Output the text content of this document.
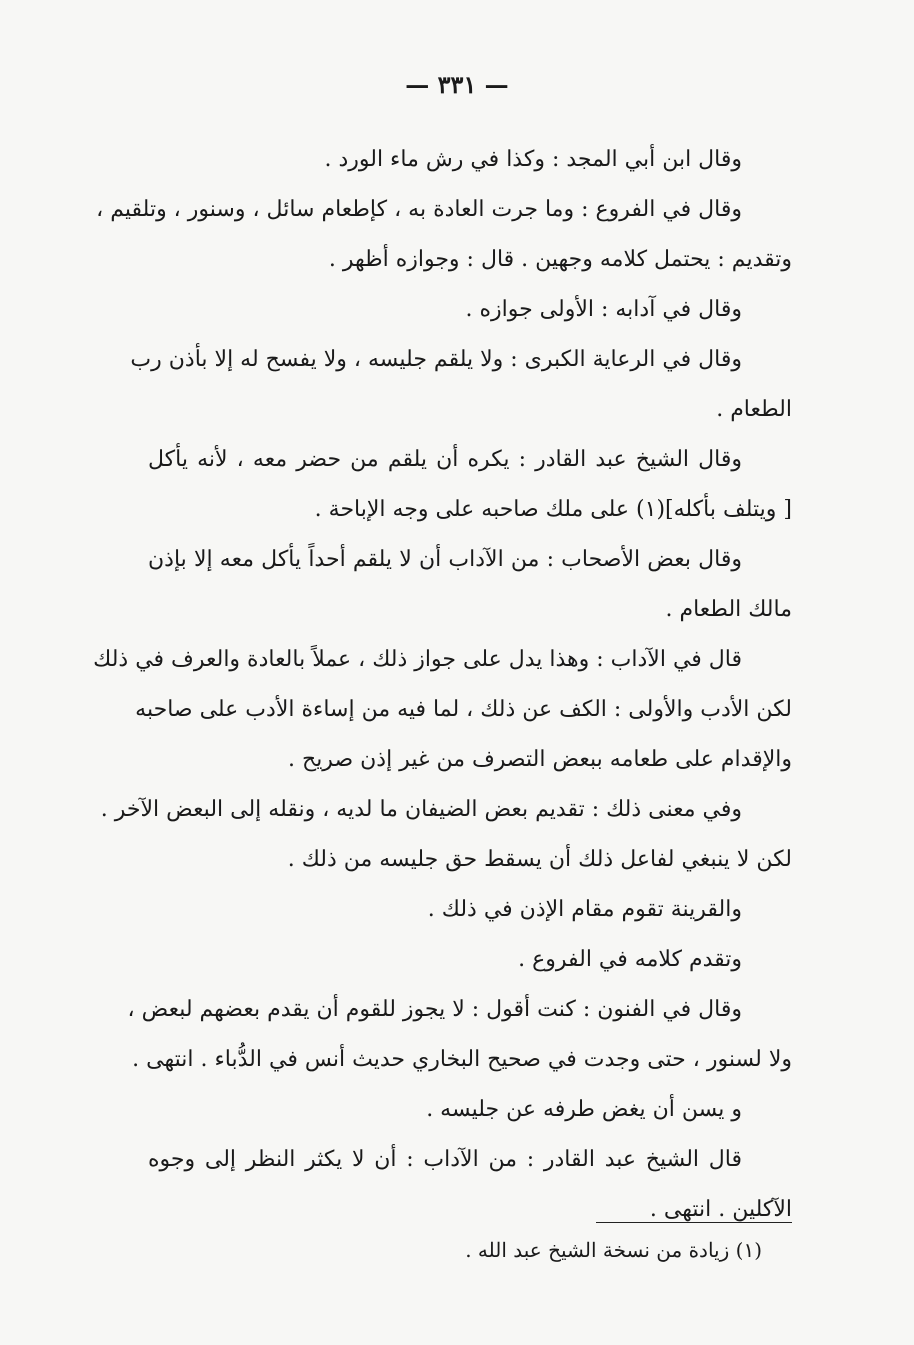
— ٣٣١ —
وقال ابن أبي المجد : وكذا في رش ماء الورد .
وقال في الفروع : وما جرت العادة به ، كإطعام سائل ، وسنور ، وتلقيم ،
وتقديم : يحتمل كلامه وجهين . قال : وجوازه أظهر .
وقال في آدابه : الأولى جوازه .
وقال في الرعاية الكبرى : ولا يلقم جليسه ، ولا يفسح له إلا بأذن رب
الطعام .
وقال الشيخ عبد القادر : يكره أن يلقم من حضر معه ، لأنه يأكل
[ ويتلف بأكله](١) على ملك صاحبه على وجه الإباحة .
وقال بعض الأصحاب : من الآداب أن لا يلقم أحداً يأكل معه إلا بإذن
مالك الطعام .
قال في الآداب : وهذا يدل على جواز ذلك ، عملاً بالعادة والعرف في ذلك
لكن الأدب والأولى : الكف عن ذلك ، لما فيه من إساءة الأدب على صاحبه
والإقدام على طعامه ببعض التصرف من غير إذن صريح .
وفي معنى ذلك : تقديم بعض الضيفان ما لديه ، ونقله إلى البعض الآخر .
لكن لا ينبغي لفاعل ذلك أن يسقط حق جليسه من ذلك .
والقرينة تقوم مقام الإذن في ذلك .
وتقدم كلامه في الفروع .
وقال في الفنون : كنت أقول : لا يجوز للقوم أن يقدم بعضهم لبعض ،
ولا لسنور ، حتى وجدت في صحيح البخاري حديث أنس في الدُّباء . انتهى .
و يسن أن يغض طرفه عن جليسه .
قال الشيخ عبد القادر : من الآداب : أن لا يكثر النظر إلى وجوه
الآكلين . انتهى .
(١) زيادة من نسخة الشيخ عبد الله .
